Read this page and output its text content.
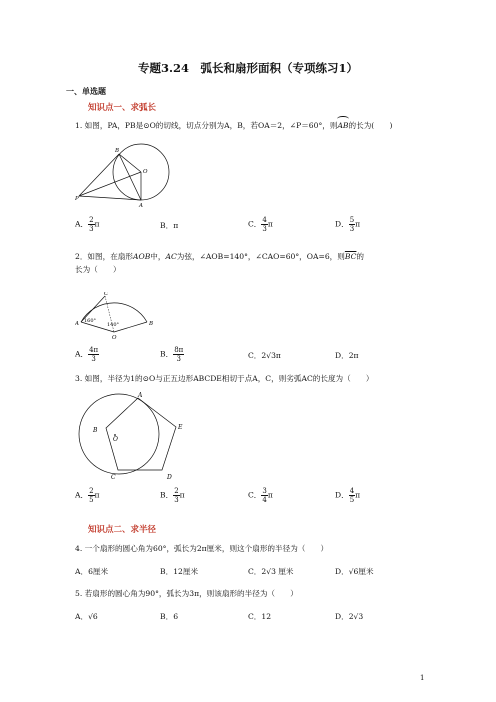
专题3.24　弧长和扇形面积（专项练习1）
一、单选题
知识点一、求弧长
1. 如图，PA，PB是⊙O的切线，切点分别为A，B，若OA＝2，∠P＝60°，则
AB的长为(　　)
B
O
P
A
A． $\frac{2}{3}$ π	B．π	C． $\frac{4}{3}$ π	D． $\frac{5}{3}$ π
2．如图，在扇形AOB中，AC为弦，∠AOB=140°，∠CAO=60°，OA=6，则$\overline{BC}$的
长为（　　）
C
A	B
O
160°
140°
A． $\frac{4\pi}{3}$	B． $\frac{8\pi}{3}$	C．2√3π	D．2π
3. 如图，半径为1的⊙O与正五边形ABCDE相切于点A，C，则劣弧AC的长度为（　　）
A
B
O
E
C	D
A． $\frac{2}{5}$ π	B． $\frac{2}{3}$ π	C． $\frac{3}{4}$ π	D． $\frac{4}{5}$ π
知识点二、求半径
4. 一个扇形的圆心角为60°，弧长为2π厘米，则这个扇形的半径为（　　）
A．6厘米	B．12厘米	C．2√3 厘米	D．√6厘米
5. 若扇形的圆心角为90°，弧长为3π，则该扇形的半径为（　　）
A．√6	B．6	C．12	D．2√3
1
